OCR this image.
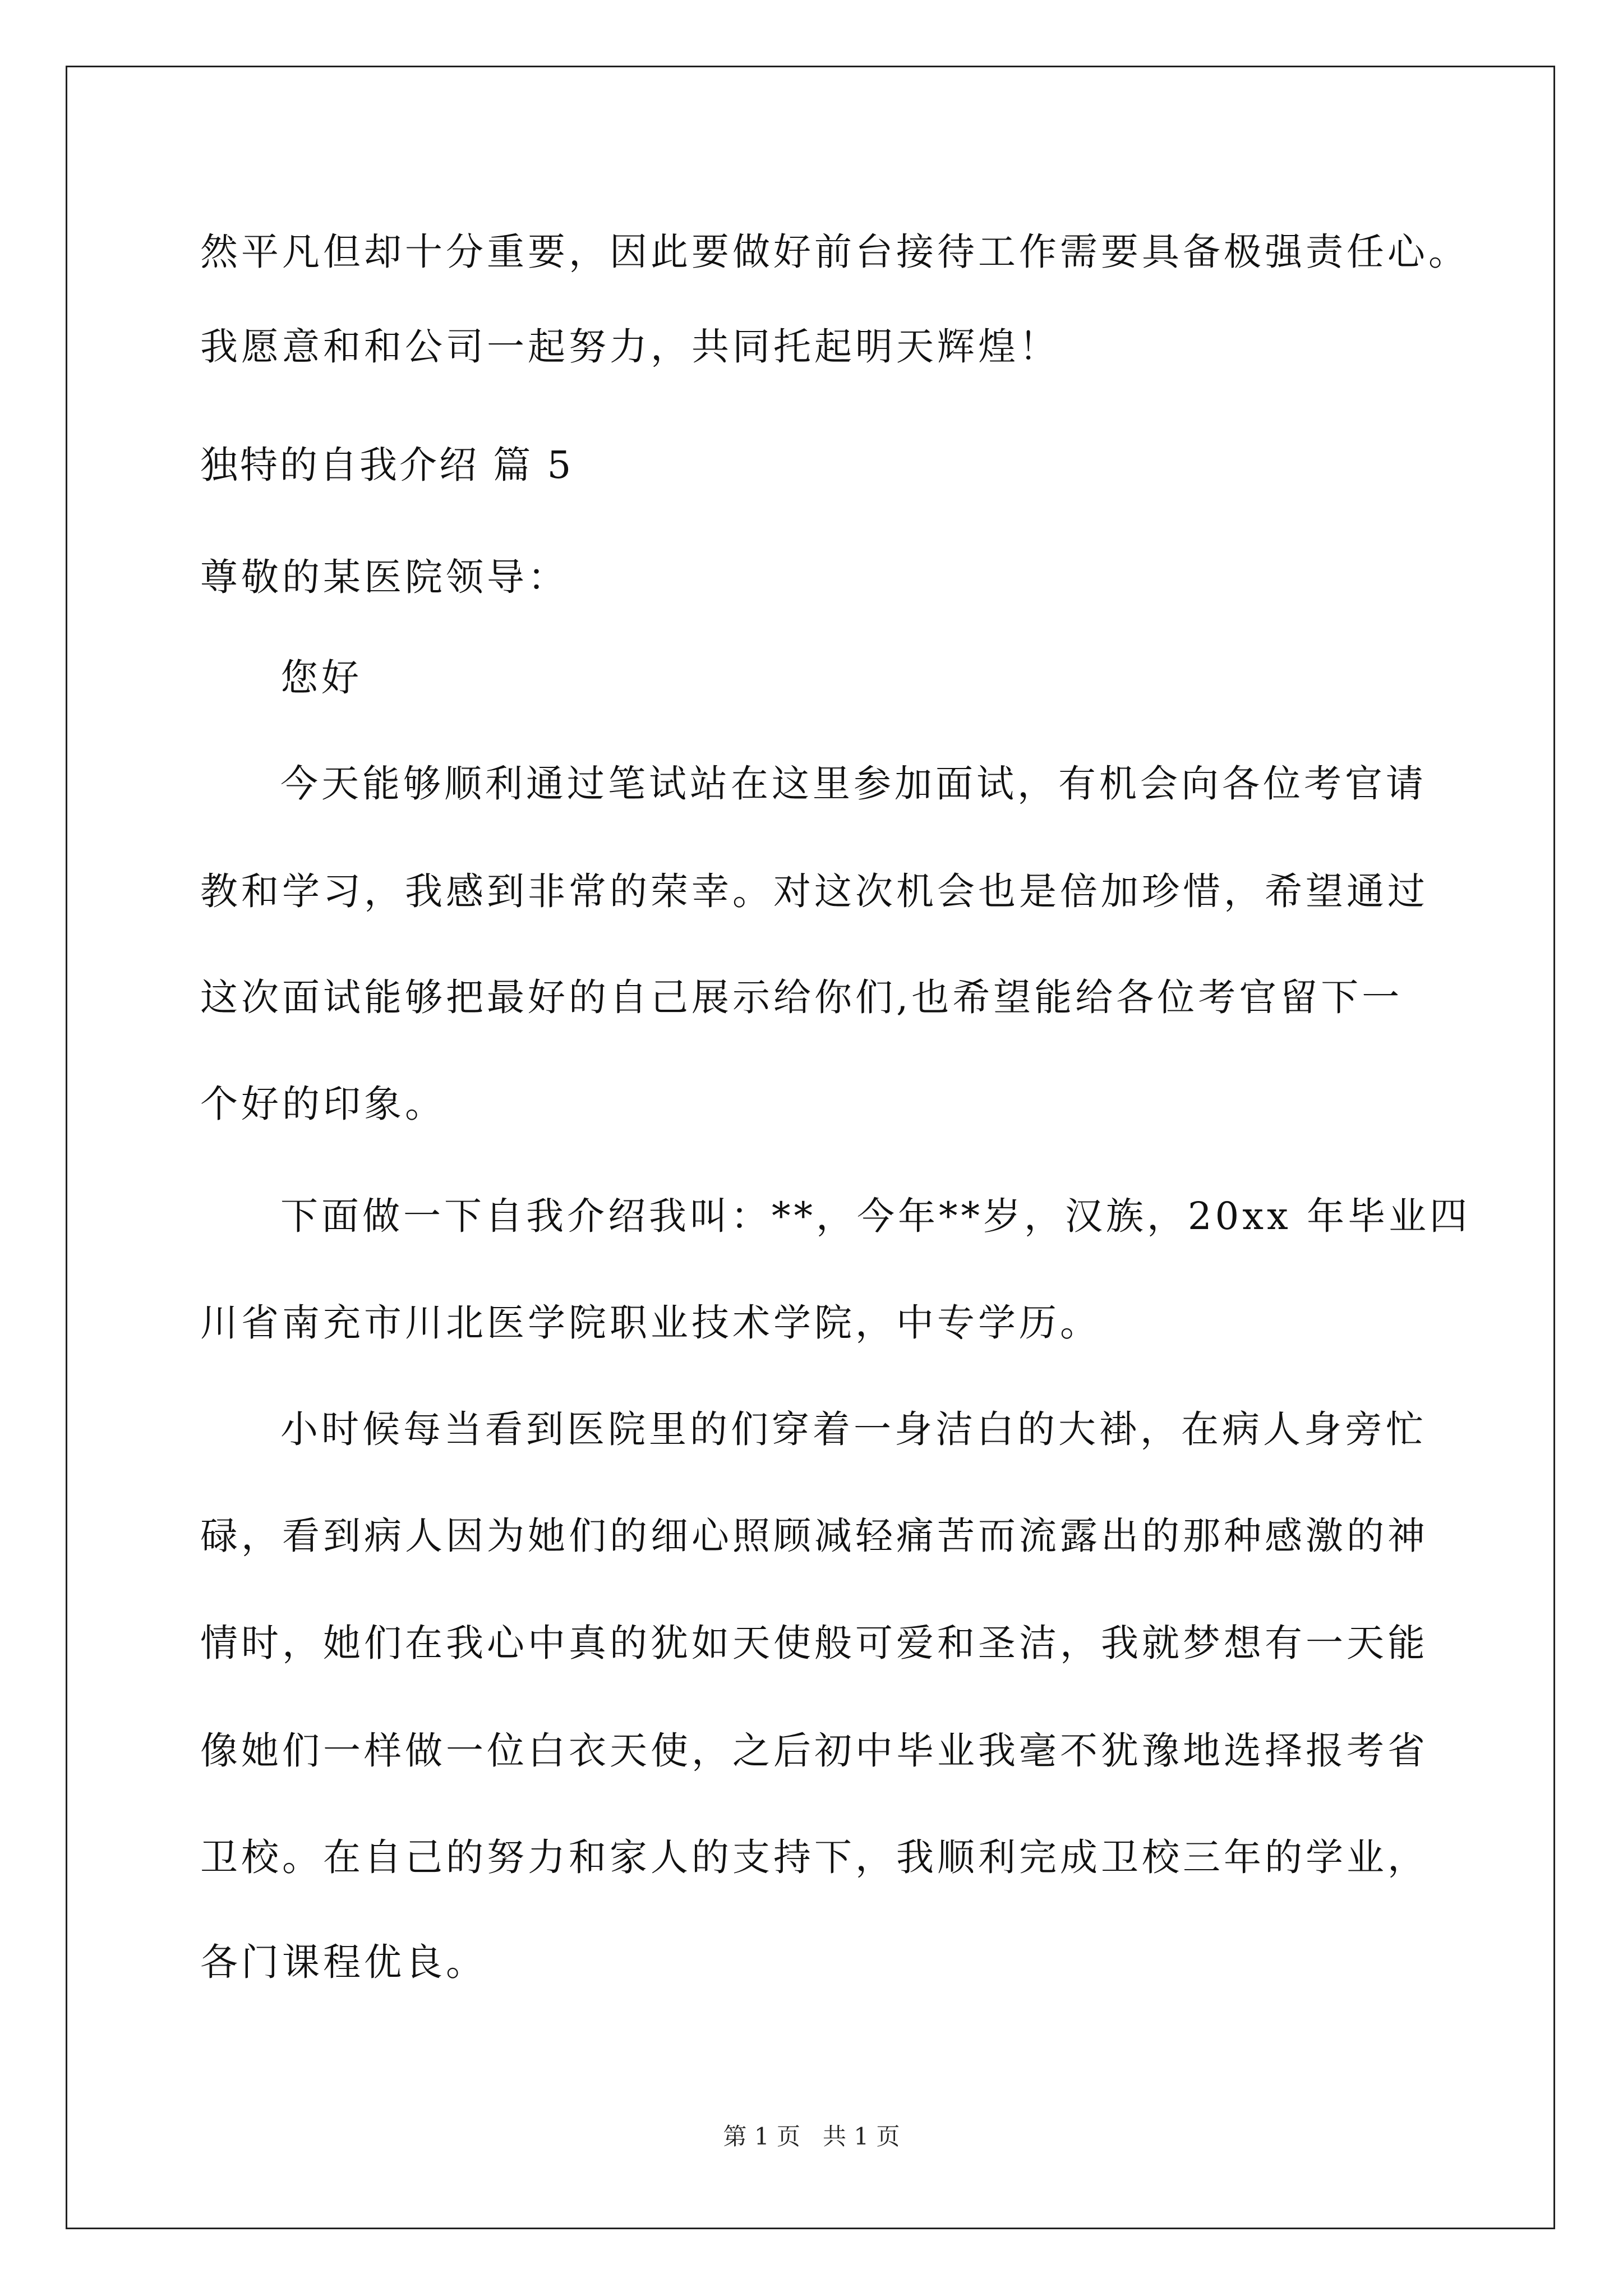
然平凡但却十分重要，因此要做好前台接待工作需要具备极强责任心。
我愿意和和公司一起努力，共同托起明天辉煌！
独特的自我介绍 篇 5
尊敬的某医院领导：
您好
今天能够顺利通过笔试站在这里参加面试，有机会向各位考官请
教和学习，我感到非常的荣幸。对这次机会也是倍加珍惜，希望通过
这次面试能够把最好的自己展示给你们,也希望能给各位考官留下一
个好的印象。
下面做一下自我介绍我叫：**，今年**岁，汉族，20xx 年毕业四
川省南充市川北医学院职业技术学院，中专学历。
小时候每当看到医院里的们穿着一身洁白的大褂，在病人身旁忙
碌，看到病人因为她们的细心照顾减轻痛苦而流露出的那种感激的神
情时，她们在我心中真的犹如天使般可爱和圣洁，我就梦想有一天能
像她们一样做一位白衣天使，之后初中毕业我毫不犹豫地选择报考省
卫校。在自己的努力和家人的支持下，我顺利完成卫校三年的学业，
各门课程优良。
第 1 页   共 1 页
